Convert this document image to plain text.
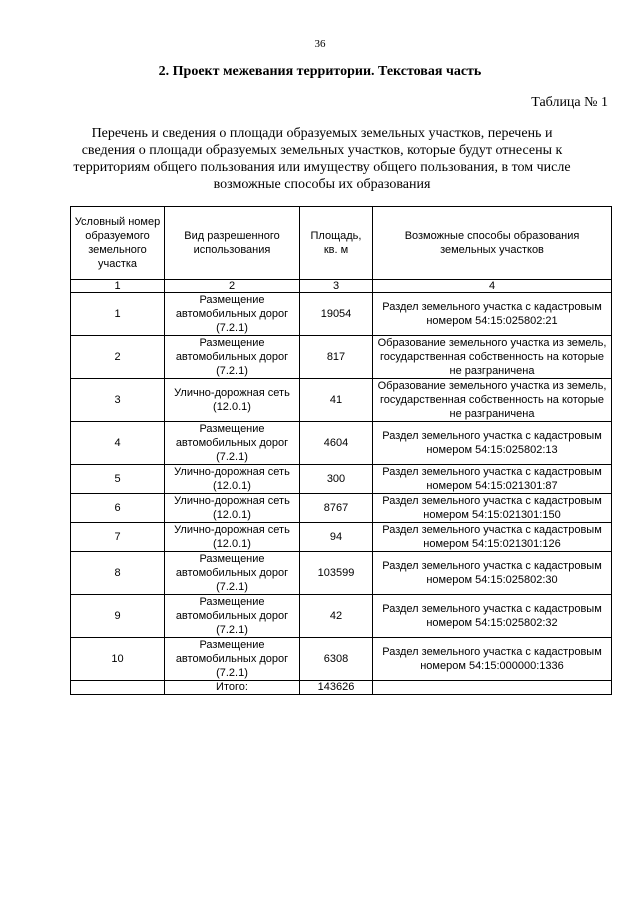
36
2. Проект межевания территории. Текстовая часть
Таблица № 1
Перечень и сведения о площади образуемых земельных участков, перечень и сведения о площади образуемых земельных участков, которые будут отнесены к территориям общего пользования или имуществу общего пользования, в том числе возможные способы их образования
Условный номер образуемого земельного участка	Вид разрешенного использования	Площадь, кв. м	Возможные способы образования земельных участков
1	2	3	4
1	Размещение автомобильных дорог (7.2.1)	19054	Раздел земельного участка с кадастровым номером 54:15:025802:21
2	Размещение автомобильных дорог (7.2.1)	817	Образование земельного участка из земель, государственная собственность на которые не разграничена
3	Улично-дорожная сеть (12.0.1)	41	Образование земельного участка из земель, государственная собственность на которые не разграничена
4	Размещение автомобильных дорог (7.2.1)	4604	Раздел земельного участка с кадастровым номером 54:15:025802:13
5	Улично-дорожная сеть (12.0.1)	300	Раздел земельного участка с кадастровым номером 54:15:021301:87
6	Улично-дорожная сеть (12.0.1)	8767	Раздел земельного участка с кадастровым номером 54:15:021301:150
7	Улично-дорожная сеть (12.0.1)	94	Раздел земельного участка с кадастровым номером 54:15:021301:126
8	Размещение автомобильных дорог (7.2.1)	103599	Раздел земельного участка с кадастровым номером 54:15:025802:30
9	Размещение автомобильных дорог (7.2.1)	42	Раздел земельного участка с кадастровым номером 54:15:025802:32
10	Размещение автомобильных дорог (7.2.1)	6308	Раздел земельного участка с кадастровым номером 54:15:000000:1336
	Итого:	143626	
